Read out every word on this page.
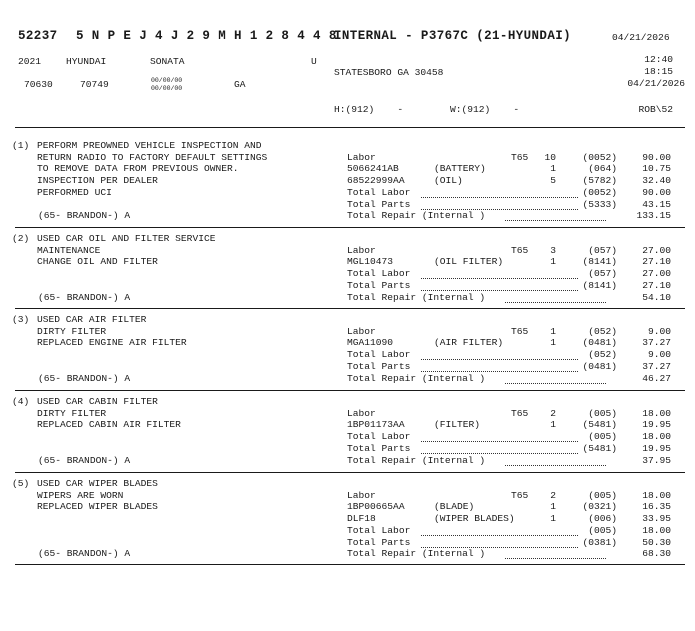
52237 5 N P E J 4 J 2 9 M H 1 2 8 4 4 8
INTERNAL - P3767C (21-HYUNDAI)	04/21/2026
2021	HYUNDAI	SONATA	U
STATESBORO GA 30458
12:40
18:15
04/21/2026
70630	70749	00/00/00
00/00/00	GA
H:(912)    -	W:(912)    -	ROB\52
(1) PERFORM PREOWNED VEHICLE INSPECTION AND
RETURN RADIO TO FACTORY DEFAULT SETTINGS
TO REMOVE DATA FROM PREVIOUS OWNER.
INSPECTION PER DEALER
PERFORMED UCI
Labor	T65 10	(0052)	90.00
5066241AB	(BATTERY)	1	(064)	10.75
68522999AA	(OIL)	5	(5782)	32.40
Total Labor	(0052)	90.00
Total Parts	(5333)	43.15
Total Repair (Internal )	133.15
(65- BRANDON-) A
(2) USED CAR OIL AND FILTER SERVICE
MAINTENANCE
CHANGE OIL AND FILTER
Labor	T65 3	(057)	27.00
MGL10473	(OIL FILTER)	1	(8141)	27.10
Total Labor	(057)	27.00
Total Parts	(8141)	27.10
Total Repair (Internal )	54.10
(65- BRANDON-) A
(3) USED CAR AIR FILTER
DIRTY FILTER
REPLACED ENGINE AIR FILTER
Labor	T65 1	(052)	9.00
MGA11090	(AIR FILTER)	1	(0481)	37.27
Total Labor	(052)	9.00
Total Parts	(0481)	37.27
Total Repair (Internal )	46.27
(65- BRANDON-) A
(4) USED CAR CABIN FILTER
DIRTY FILTER
REPLACED CABIN AIR FILTER
Labor	T65 2	(005)	18.00
1BP01173AA	(FILTER)	1	(5481)	19.95
Total Labor	(005)	18.00
Total Parts	(5481)	19.95
Total Repair (Internal )	37.95
(65- BRANDON-) A
(5) USED CAR WIPER BLADES
WIPERS ARE WORN
REPLACED WIPER BLADES
Labor	T65 2	(005)	18.00
1BP00665AA	(BLADE)	1	(0321)	16.35
DLF18	(WIPER BLADES)	1	(006)	33.95
Total Labor	(005)	18.00
Total Parts	(0381)	50.30
Total Repair (Internal )	68.30
(65- BRANDON-) A
